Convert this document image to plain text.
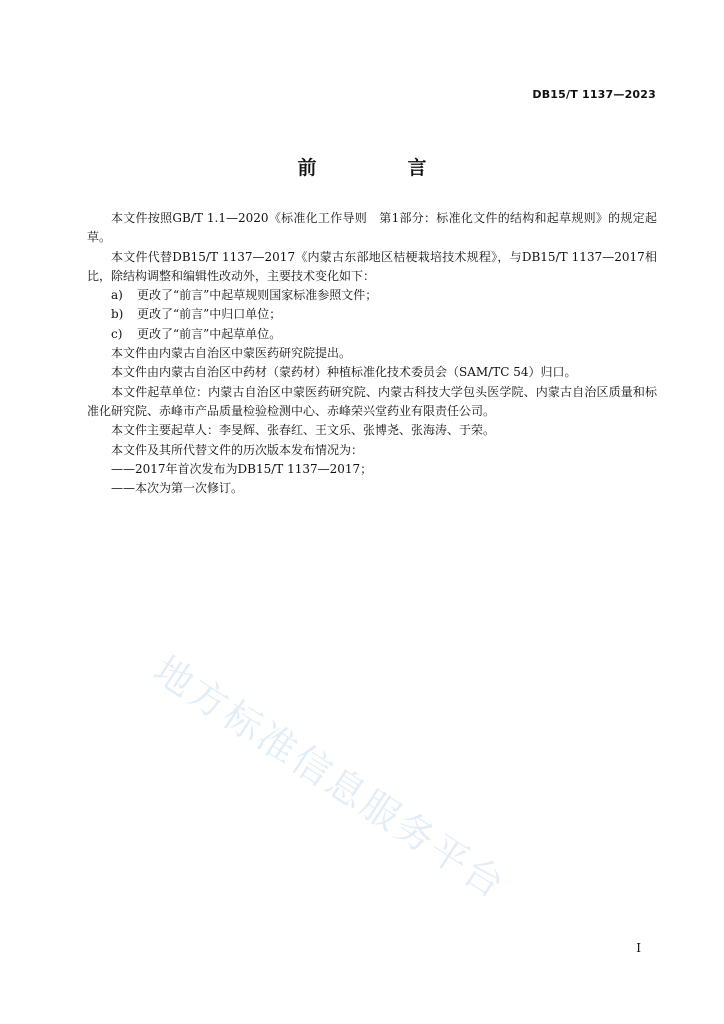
DB15/T 1137—2023
前　言

本文件按照GB/T 1.1—2020《标准化工作导则　第1部分：标准化文件的结构和起草规则》的规定起草。

本文件代替DB15/T 1137—2017《内蒙古东部地区桔梗栽培技术规程》，与DB15/T 1137—2017相比，除结构调整和编辑性改动外，主要技术变化如下：

a) 更改了“前言”中起草规则国家标准参照文件；

b) 更改了“前言”中归口单位；

c) 更改了“前言”中起草单位。

本文件由内蒙古自治区中蒙医药研究院提出。

本文件由内蒙古自治区中药材（蒙药材）种植标准化技术委员会（SAM/TC 54）归口。

本文件起草单位：内蒙古自治区中蒙医药研究院、内蒙古科技大学包头医学院、内蒙古自治区质量和标准化研究院、赤峰市产品质量检验检测中心、赤峰荣兴堂药业有限责任公司。

本文件主要起草人：李旻辉、张春红、王文乐、张博尧、张海涛、于荣。

本文件及其所代替文件的历次版本发布情况为：

——2017年首次发布为DB15/T 1137—2017；

——本次为第一次修订。

地方标准信息服务平台
I
